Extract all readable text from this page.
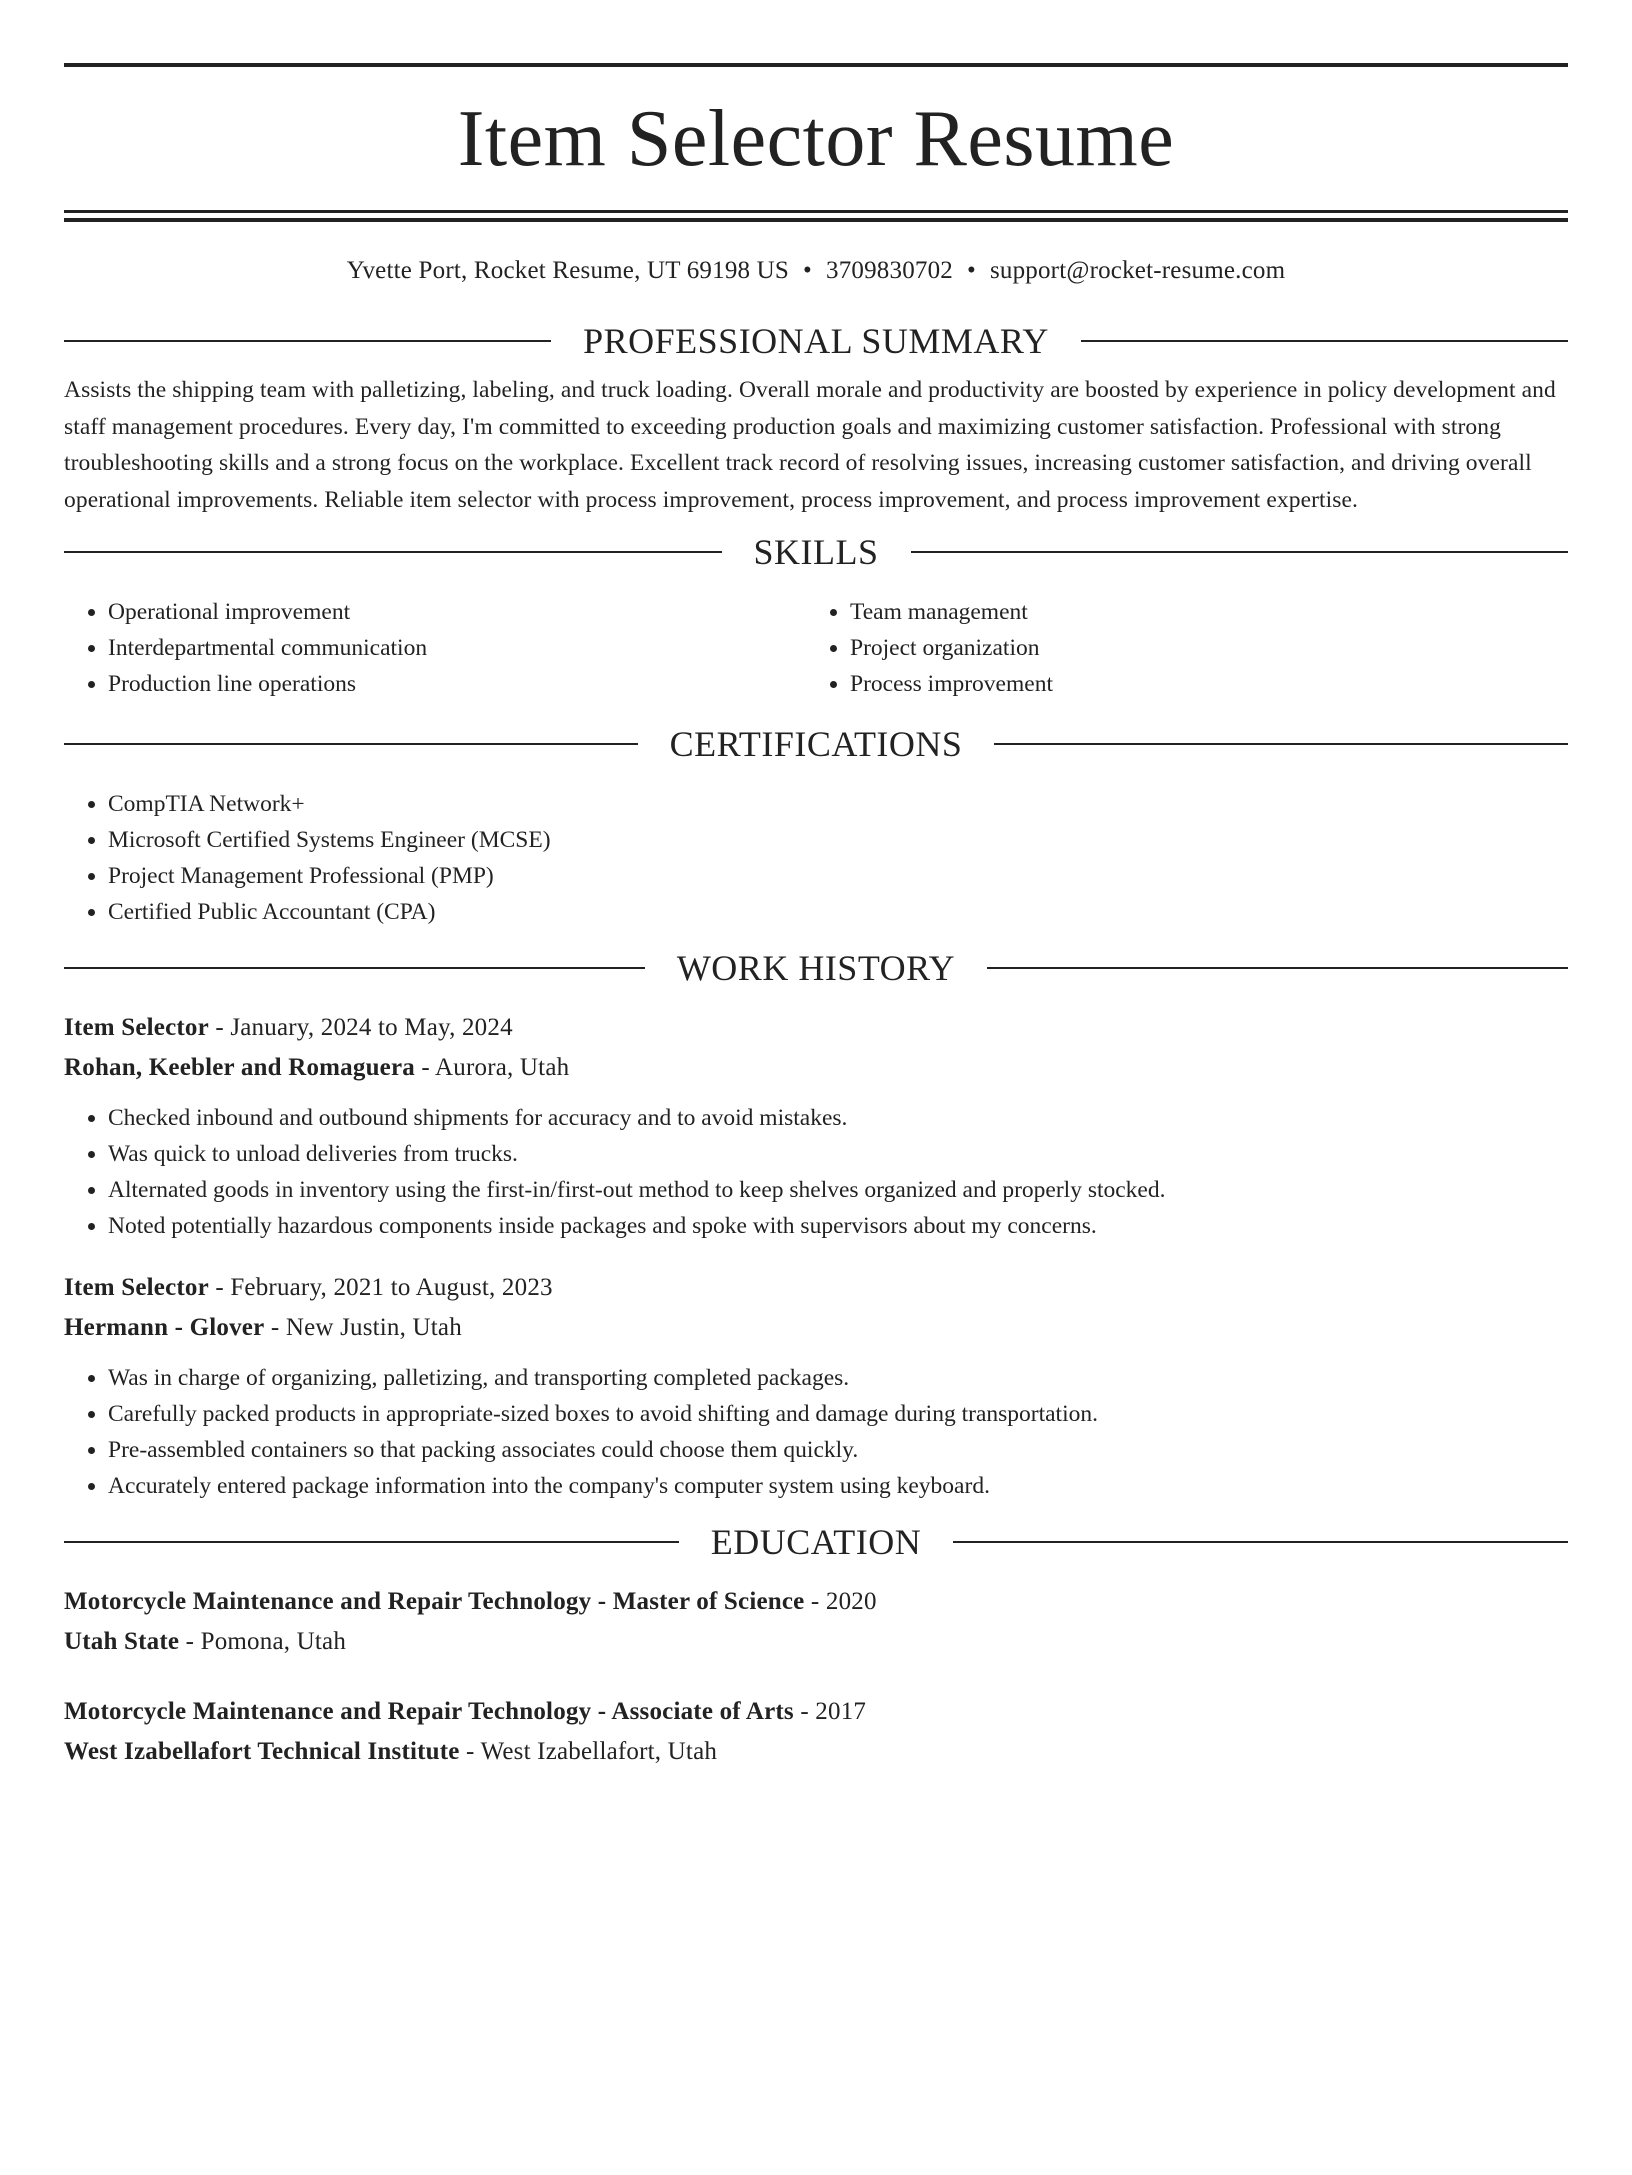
Item Selector Resume
Yvette Port, Rocket Resume, UT 69198 US • 3709830702 • support@rocket-resume.com
PROFESSIONAL SUMMARY

Assists the shipping team with palletizing, labeling, and truck loading. Overall morale and productivity are boosted by experience in policy development and staff management procedures. Every day, I'm committed to exceeding production goals and maximizing customer satisfaction. Professional with strong troubleshooting skills and a strong focus on the workplace. Excellent track record of resolving issues, increasing customer satisfaction, and driving overall operational improvements. Reliable item selector with process improvement, process improvement, and process improvement expertise.

SKILLS
• Operational improvement
• Interdepartmental communication
• Production line operations
• Team management
• Project organization
• Process improvement
CERTIFICATIONS
• CompTIA Network+
• Microsoft Certified Systems Engineer (MCSE)
• Project Management Professional (PMP)
• Certified Public Accountant (CPA)
WORK HISTORY
Item Selector - January, 2024 to May, 2024
Rohan, Keebler and Romaguera - Aurora, Utah
• Checked inbound and outbound shipments for accuracy and to avoid mistakes.
• Was quick to unload deliveries from trucks.
• Alternated goods in inventory using the first-in/first-out method to keep shelves organized and properly stocked.
• Noted potentially hazardous components inside packages and spoke with supervisors about my concerns.
Item Selector - February, 2021 to August, 2023
Hermann - Glover - New Justin, Utah
• Was in charge of organizing, palletizing, and transporting completed packages.
• Carefully packed products in appropriate-sized boxes to avoid shifting and damage during transportation.
• Pre-assembled containers so that packing associates could choose them quickly.
• Accurately entered package information into the company's computer system using keyboard.
EDUCATION
Motorcycle Maintenance and Repair Technology - Master of Science - 2020
Utah State - Pomona, Utah
Motorcycle Maintenance and Repair Technology - Associate of Arts - 2017
West Izabellafort Technical Institute - West Izabellafort, Utah
